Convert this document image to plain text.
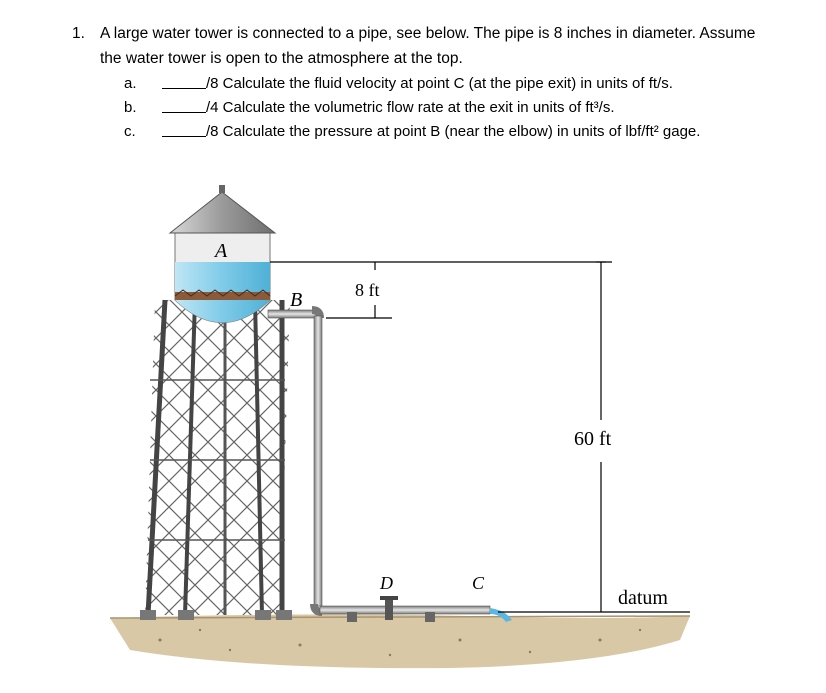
1. A large water tower is connected to a pipe, see below. The pipe is 8 inches in diameter. Assume
the water tower is open to the atmosphere at the top.
a.	/8 Calculate the fluid velocity at point C (at the pipe exit) in units of ft/s.
b.	/4 Calculate the volumetric flow rate at the exit in units of ft³/s.
c.	/8 Calculate the pressure at point B (near the elbow) in units of lbf/ft² gage.
A
B	8 ft
60 ft
D	C
datum
